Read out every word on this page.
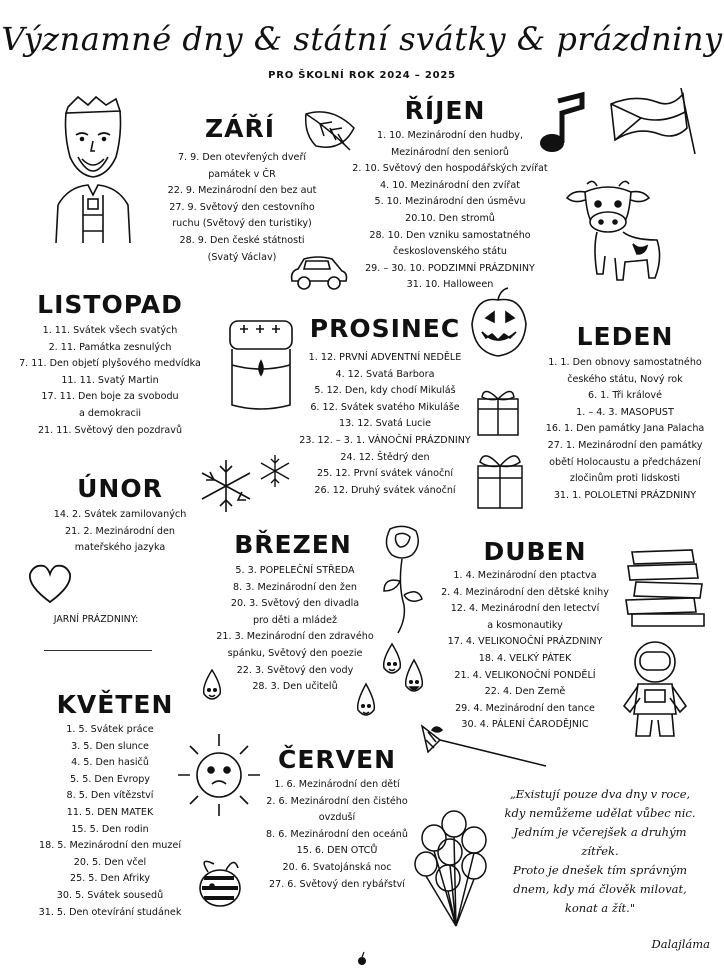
Významné dny & státní svátky & prázdniny
PRO ŠKOLNÍ ROK 2024 – 2025
ZÁŘÍ
7. 9. Den otevřených dveří
památek v ČR
22. 9. Mezinárodní den bez aut
27. 9. Světový den cestovního
ruchu (Světový den turistiky)
28. 9. Den české státnosti
(Svatý Václav)
ŘÍJEN
1. 10. Mezinárodní den hudby,
Mezinárodní den seniorů
2. 10. Světový den hospodářských zvířat
4. 10. Mezinárodní den zvířat
5. 10. Mezinárodní den úsměvu
20.10. Den stromů
28. 10. Den vzniku samostatného
československého státu
29. – 30. 10. PODZIMNÍ PRÁZDNINY
31. 10. Halloween
LISTOPAD
1. 11. Svátek všech svatých
2. 11. Památka zesnulých
7. 11. Den objetí plyšového medvídka
11. 11. Svatý Martin
17. 11. Den boje za svobodu
a demokracii
21. 11. Světový den pozdravů
PROSINEC
1. 12. PRVNÍ ADVENTNÍ NEDĚLE
4. 12. Svatá Barbora
5. 12. Den, kdy chodí Mikuláš
6. 12. Svátek svatého Mikuláše
13. 12. Svatá Lucie
23. 12. – 3. 1. VÁNOČNÍ PRÁZDNINY
24. 12. Štědrý den
25. 12. První svátek vánoční
26. 12. Druhý svátek vánoční
LEDEN
1. 1. Den obnovy samostatného
českého státu, Nový rok
6. 1. Tři králové
1. – 4. 3. MASOPUST
16. 1. Den památky Jana Palacha
27. 1. Mezinárodní den památky
obětí Holocaustu a předcházení
zločinům proti lidskosti
31. 1. POLOLETNÍ PRÁZDNINY
ÚNOR
14. 2. Svátek zamilovaných
21. 2. Mezinárodní den
mateřského jazyka
JARNÍ PRÁZDNINY:
BŘEZEN
5. 3. POPELEČNÍ STŘEDA
8. 3. Mezinárodní den žen
20. 3. Světový den divadla
pro děti a mládež
21. 3. Mezinárodní den zdravého
spánku, Světový den poezie
22. 3. Světový den vody
28. 3. Den učitelů
DUBEN
1. 4. Mezinárodní den ptactva
2. 4. Mezinárodní den dětské knihy
12. 4. Mezinárodní den letectví
a kosmonautiky
17. 4. VELIKONOČNÍ PRÁZDNINY
18. 4. VELKÝ PÁTEK
21. 4. VELIKONOČNÍ PONDĚLÍ
22. 4. Den Země
29. 4. Mezinárodní den tance
30. 4. PÁLENÍ ČARODĚJNIC
KVĚTEN
1. 5. Svátek práce
3. 5. Den slunce
4. 5. Den hasičů
5. 5. Den Evropy
8. 5. Den vítězství
11. 5. DEN MATEK
15. 5. Den rodin
18. 5. Mezinárodní den muzeí
20. 5. Den včel
25. 5. Den Afriky
30. 5. Svátek sousedů
31. 5. Den otevírání studánek
ČERVEN
1. 6. Mezinárodní den dětí
2. 6. Mezinárodní den čistého
ovzduší
8. 6. Mezinárodní den oceánů
15. 6. DEN OTCŮ
20. 6. Svatojánská noc
27. 6. Světový den rybářství
„Existují pouze dva dny v roce,
kdy nemůžeme udělat vůbec nic.
Jedním je včerejšek a druhým
zítřek.
Proto je dnešek tím správným
dnem, kdy má člověk milovat,
konat a žít."
Dalajláma
